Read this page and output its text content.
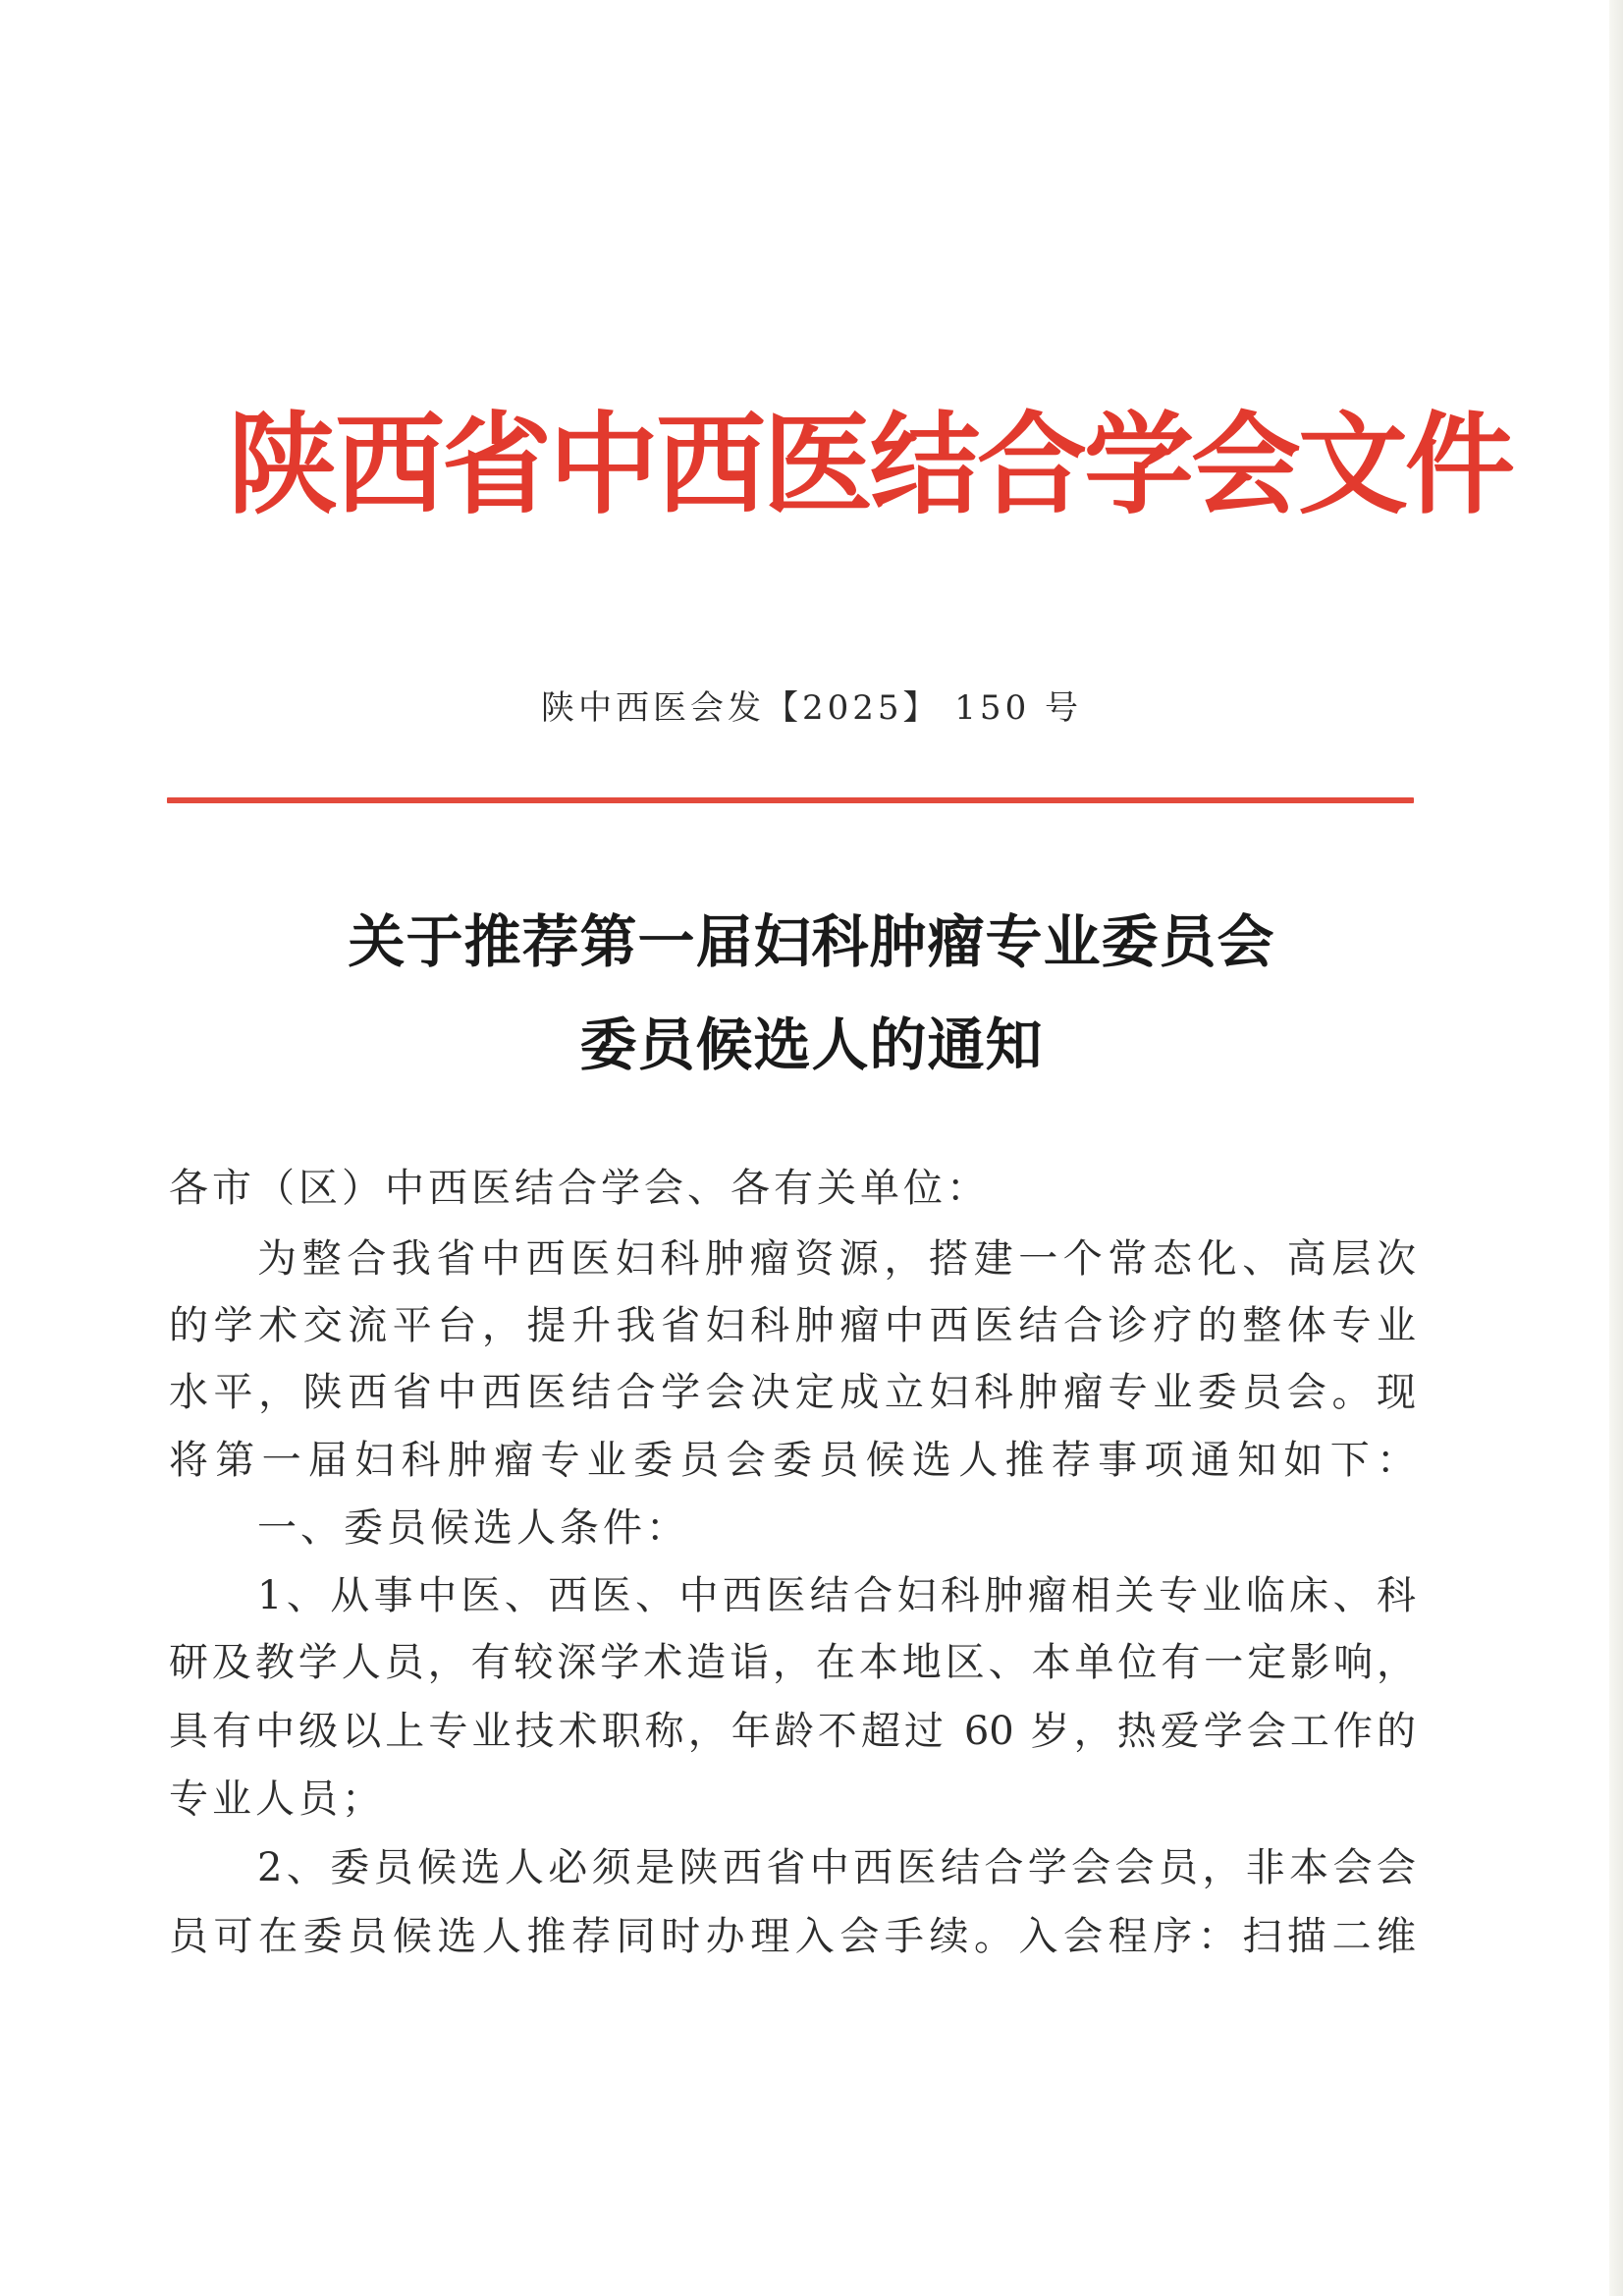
陕西省中西医结合学会文件
陕中西医会发【2025】 150 号
关于推荐第一届妇科肿瘤专业委员会
委员候选人的通知
各市（区）中西医结合学会、各有关单位：
为整合我省中西医妇科肿瘤资源，搭建一个常态化、高层次
的学术交流平台，提升我省妇科肿瘤中西医结合诊疗的整体专业
水平，陕西省中西医结合学会决定成立妇科肿瘤专业委员会。现
将第一届妇科肿瘤专业委员会委员候选人推荐事项通知如下：
一、委员候选人条件：
1、从事中医、西医、中西医结合妇科肿瘤相关专业临床、科
研及教学人员，有较深学术造诣，在本地区、本单位有一定影响，
具有中级以上专业技术职称，年龄不超过 60 岁，热爱学会工作的
专业人员；
2、委员候选人必须是陕西省中西医结合学会会员，非本会会
员可在委员候选人推荐同时办理入会手续。入会程序：扫描二维
